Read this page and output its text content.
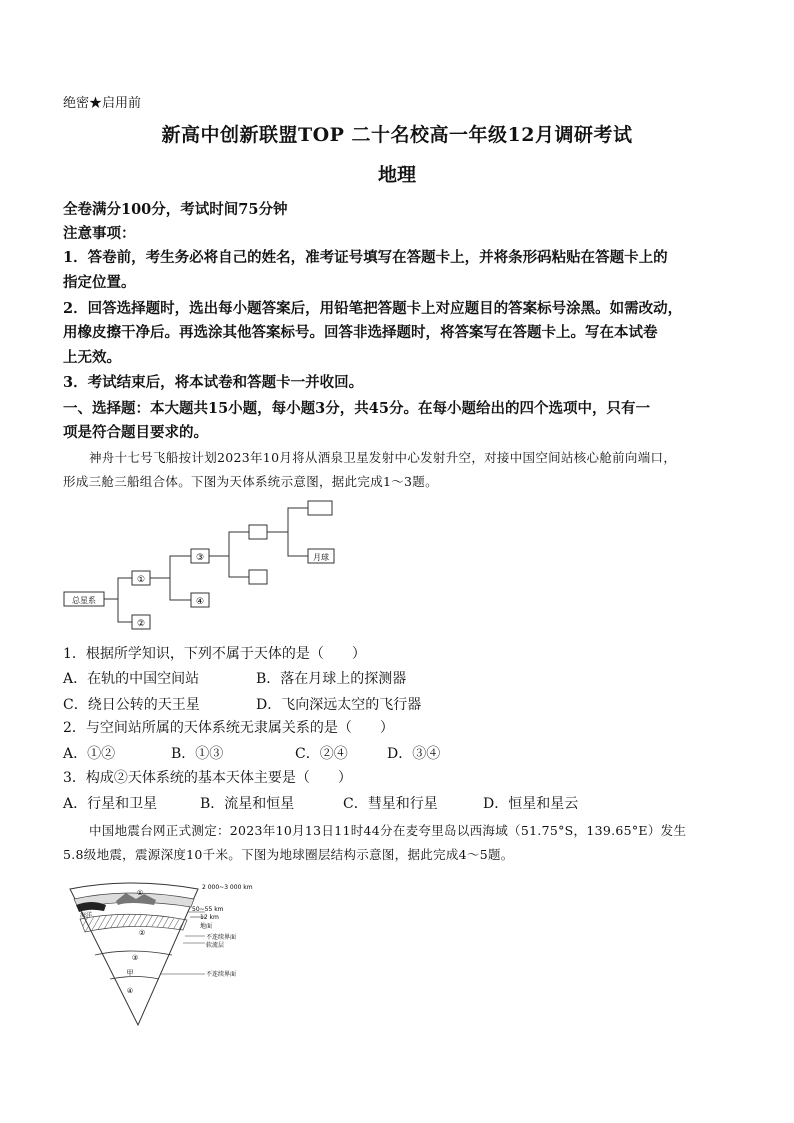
绝密★启用前
新高中创新联盟TOP 二十名校高一年级12月调研考试
地理
全卷满分100分，考试时间75分钟
注意事项：
1．答卷前，考生务必将自己的姓名，准考证号填写在答题卡上，并将条形码粘贴在答题卡上的
指定位置。
2．回答选择题时，选出每小题答案后，用铅笔把答题卡上对应题目的答案标号涂黑。如需改动，
用橡皮擦干净后。再选涂其他答案标号。回答非选择题时，将答案写在答题卡上。写在本试卷
上无效。
3．考试结束后，将本试卷和答题卡一并收回。
一、选择题：本大题共15小题，每小题3分，共45分。在每小题给出的四个选项中，只有一
项是符合题目要求的。
神舟十七号飞船按计划2023年10月将从酒泉卫星发射中心发射升空，对接中国空间站核心舱前向端口，
形成三舱三船组合体。下图为天体系统示意图，据此完成1～3题。
总星系
①
②
③
④
月球
1．根据所学知识，下列不属于天体的是（　　）
A．在轨的中国空间站	B．落在月球上的探测器
C．绕日公转的天王星	D．飞向深远太空的飞行器
2．与空间站所属的天体系统无隶属关系的是（　　）
A．①②	B．①③	C．②④	D．③④
3．构成②天体系统的基本天体主要是（　　）
A．行星和卫星	B．流星和恒星	C．彗星和行星	D．恒星和星云
中国地震台网正式测定：2023年10月13日11时44分在麦夸里岛以西海域（51.75°S，139.65°E）发生
5.8级地震，震源深度10千米。下图为地球圈层结构示意图，据此完成4～5题。
①
②
③
④
甲
海洋
2 000~3 000 km
50~55 km
12 km
地面
不连续界面
软流层
不连续界面
